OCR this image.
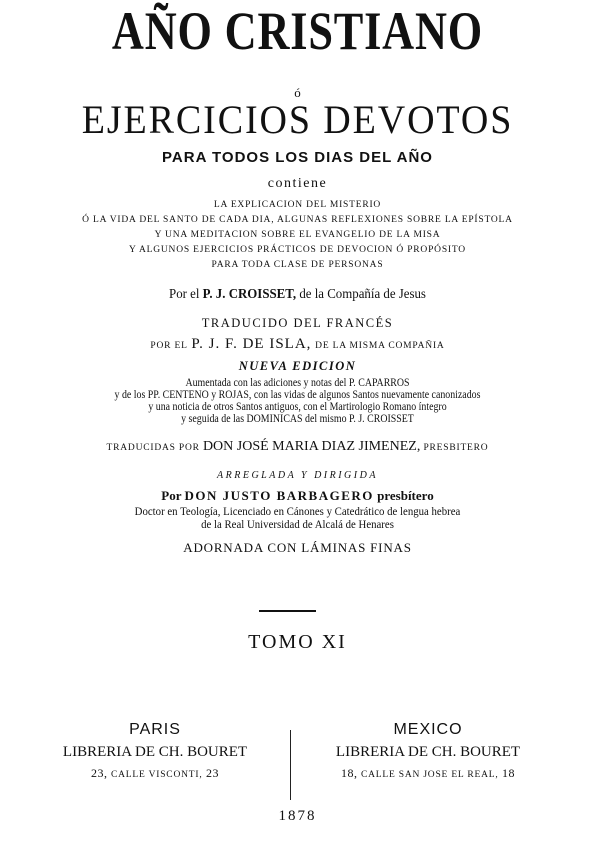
AÑO CRISTIANO
ó
EJERCICIOS DEVOTOS
PARA TODOS LOS DIAS DEL AÑO
contiene
LA EXPLICACION DEL MISTERIO
Ó LA VIDA DEL SANTO DE CADA DIA, ALGUNAS REFLEXIONES SOBRE LA EPÍSTOLA
Y UNA MEDITACION SOBRE EL EVANGELIO DE LA MISA
Y ALGUNOS EJERCICIOS PRÁCTICOS DE DEVOCION Ó PROPÓSITO
PARA TODA CLASE DE PERSONAS
Por el P. J. CROISSET, de la Compañía de Jesus
TRADUCIDO DEL FRANCÉS
POR EL P. J. F. DE ISLA, DE LA MISMA COMPAÑIA
NUEVA EDICION
Aumentada con las adiciones y notas del P. CAPARROS
y de los PP. CENTENO y ROJAS, con las vidas de algunos Santos nuevamente canonizados
y una noticia de otros Santos antiguos, con el Martirologio Romano íntegro
y seguida de las DOMINICAS del mismo P. J. CROISSET
TRADUCIDAS POR DON JOSÉ MARIA DIAZ JIMENEZ, PRESBITERO
ARREGLADA Y DIRIGIDA
Por DON JUSTO BARBAGERO presbítero
Doctor en Teología, Licenciado en Cánones y Catedrático de lengua hebrea
de la Real Universidad de Alcalá de Henares
ADORNADA CON LÁMINAS FINAS
TOMO XI
PARIS
LIBRERIA DE CH. BOURET
23, CALLE VISCONTI, 23
MEXICO
LIBRERIA DE CH. BOURET
18, CALLE SAN JOSE EL REAL, 18
1878
